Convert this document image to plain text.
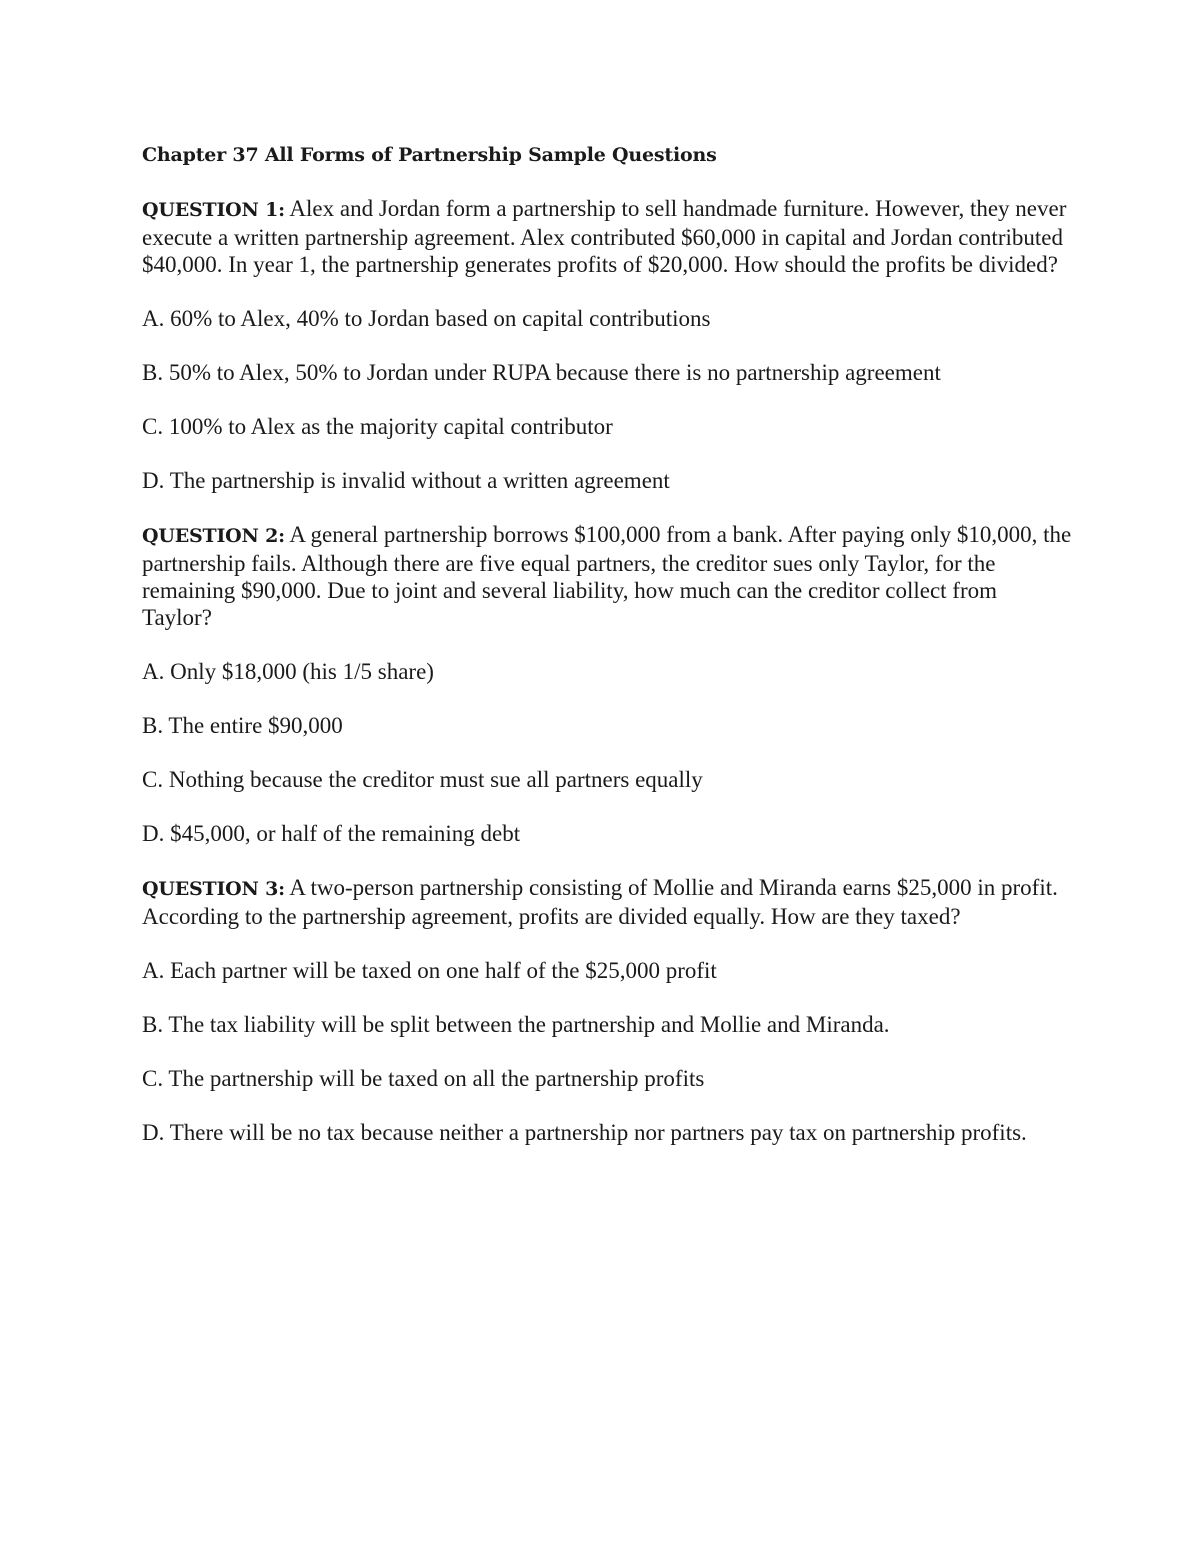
Chapter 37 All Forms of Partnership Sample Questions

QUESTION 1: Alex and Jordan form a partnership to sell handmade furniture. However, they never execute a written partnership agreement. Alex contributed $60,000 in capital and Jordan contributed $40,000. In year 1, the partnership generates profits of $20,000. How should the profits be divided?

A. 60% to Alex, 40% to Jordan based on capital contributions

B. 50% to Alex, 50% to Jordan under RUPA because there is no partnership agreement

C. 100% to Alex as the majority capital contributor

D. The partnership is invalid without a written agreement

QUESTION 2: A general partnership borrows $100,000 from a bank. After paying only $10,000, the partnership fails. Although there are five equal partners, the creditor sues only Taylor, for the remaining $90,000. Due to joint and several liability, how much can the creditor collect from Taylor?

A. Only $18,000 (his 1/5 share)

B. The entire $90,000

C. Nothing because the creditor must sue all partners equally

D. $45,000, or half of the remaining debt

QUESTION 3: A two-person partnership consisting of Mollie and Miranda earns $25,000 in profit. According to the partnership agreement, profits are divided equally. How are they taxed?

A. Each partner will be taxed on one half of the $25,000 profit

B. The tax liability will be split between the partnership and Mollie and Miranda.

C. The partnership will be taxed on all the partnership profits

D. There will be no tax because neither a partnership nor partners pay tax on partnership profits.
